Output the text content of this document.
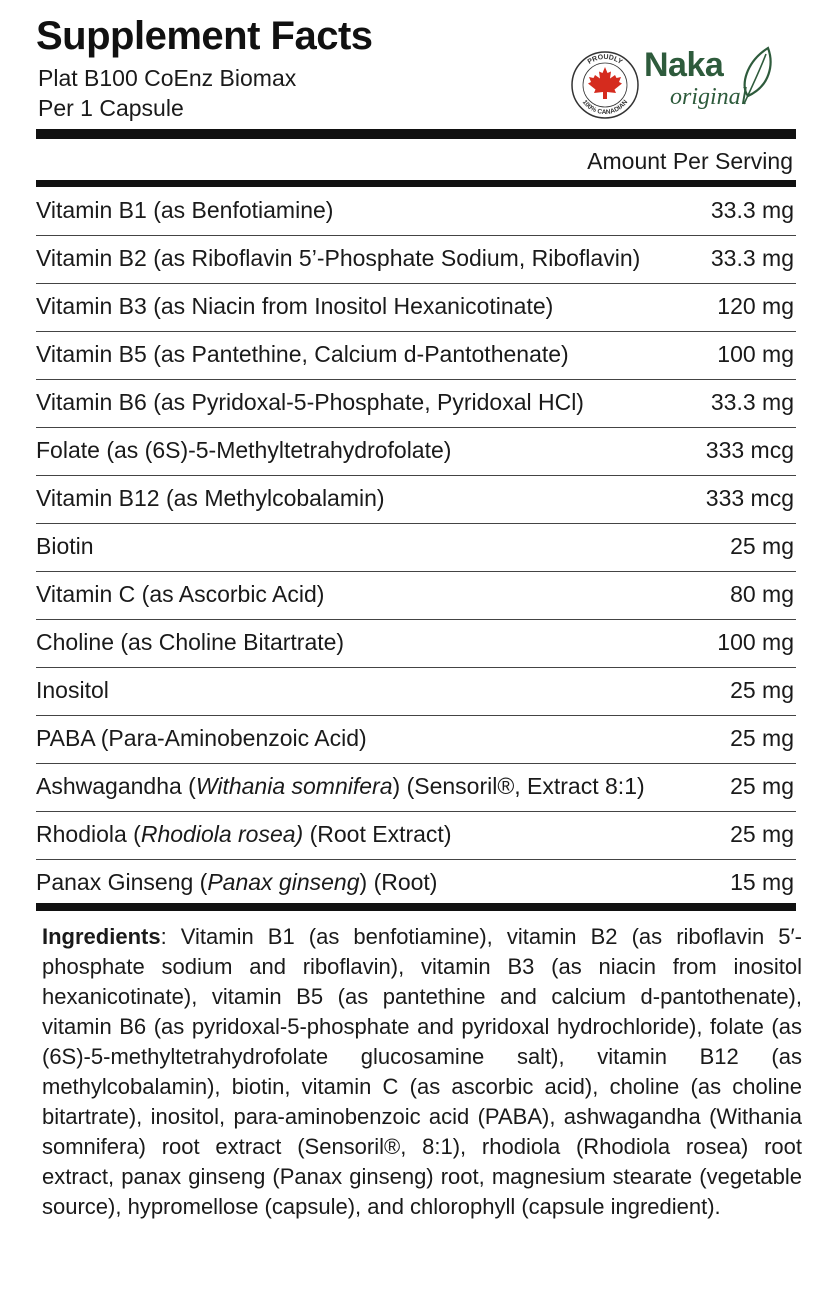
Supplement Facts
Plat B100 CoEnz Biomax
Per 1 Capsule
PROUDLY
100% CANADIAN
Naka
original
Amount Per Serving
Vitamin B1 (as Benfotiamine)	33.3 mg
Vitamin B2 (as Riboflavin 5’-Phosphate Sodium, Riboflavin)	33.3 mg
Vitamin B3 (as Niacin from Inositol Hexanicotinate)	120 mg
Vitamin B5 (as Pantethine, Calcium d-Pantothenate)	100 mg
Vitamin B6 (as Pyridoxal-5-Phosphate, Pyridoxal HCl)	33.3 mg
Folate (as (6S)-5-Methyltetrahydrofolate)	333 mcg
Vitamin B12 (as Methylcobalamin)	333 mcg
Biotin	25 mg
Vitamin C (as Ascorbic Acid)	80 mg
Choline (as Choline Bitartrate)	100 mg
Inositol	25 mg
PABA (Para-Aminobenzoic Acid)	25 mg
Ashwagandha (Withania somnifera) (Sensoril®, Extract 8:1)	25 mg
Rhodiola (Rhodiola rosea) (Root Extract)	25 mg
Panax Ginseng (Panax ginseng) (Root)	15 mg
Ingredients: Vitamin B1 (as benfotiamine), vitamin B2 (as riboflavin 5′-phosphate sodium and riboflavin), vitamin B3 (as niacin from inositol hexanicotinate), vitamin B5 (as pantethine and calcium d-pantothenate), vitamin B6 (as pyridoxal-5-phosphate and pyridoxal hydrochloride), folate (as (6S)-5-methyltetrahydrofolate glucosamine salt), vitamin B12 (as methylcobalamin), biotin, vitamin C (as ascorbic acid), choline (as choline bitartrate), inositol, para-aminobenzoic acid (PABA), ashwagandha (Withania somnifera) root extract (Sensoril®, 8:1), rhodiola (Rhodiola rosea) root extract, panax ginseng (Panax ginseng) root, magnesium stearate (vegetable source), hypromellose (capsule), and chlorophyll (capsule ingredient).
